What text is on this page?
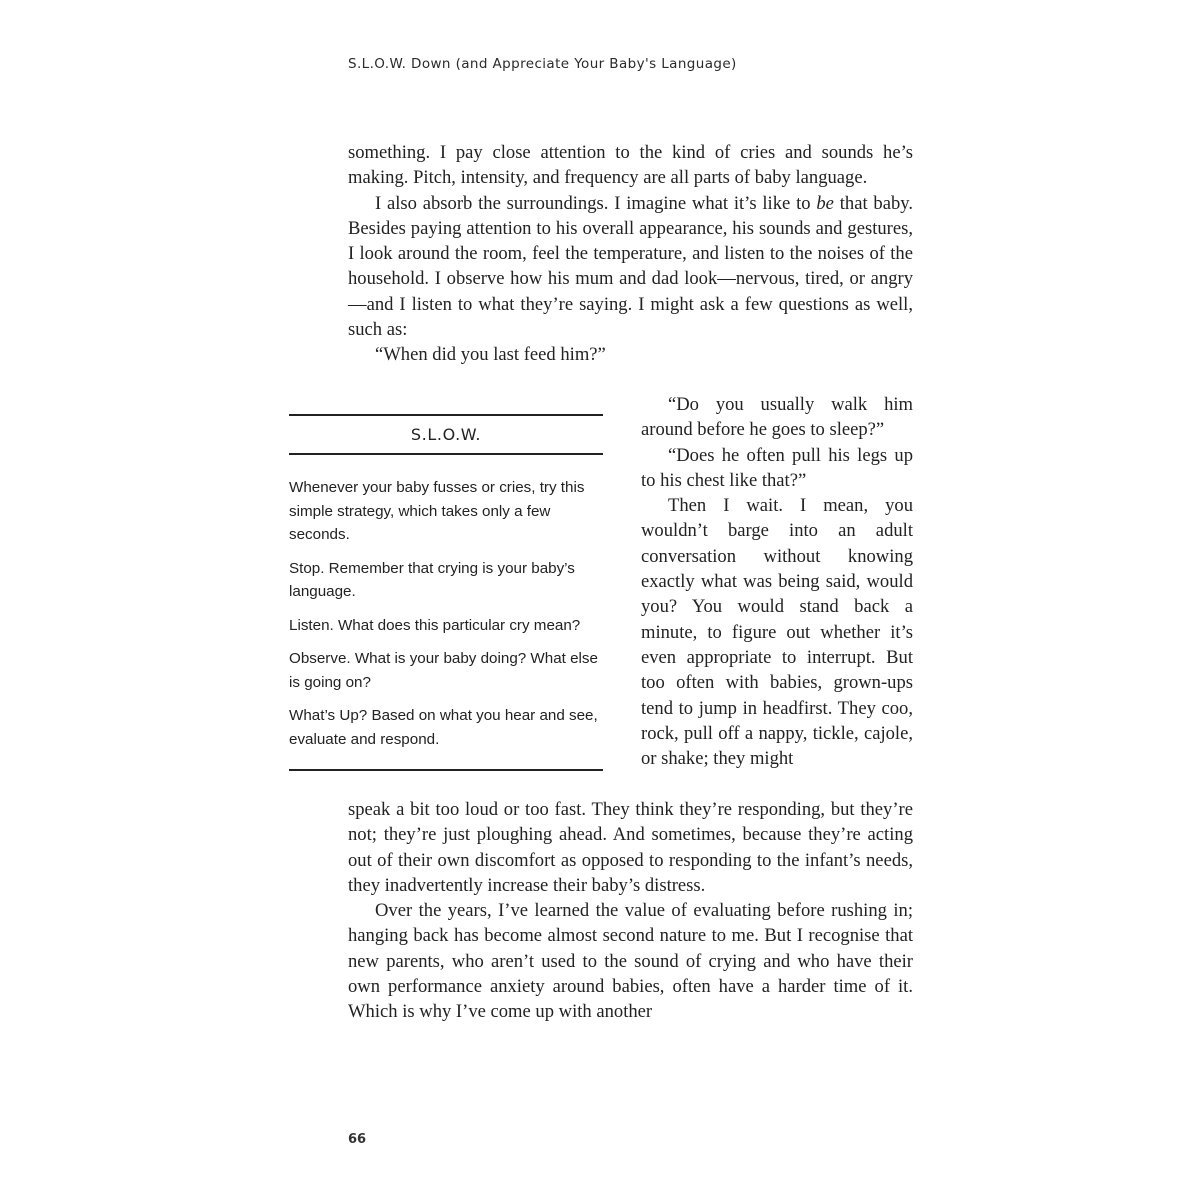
S.L.O.W. Down (and Appreciate Your Baby's Language)

something. I pay close attention to the kind of cries and sounds he’s making. Pitch, intensity, and frequency are all parts of baby language.

I also absorb the surroundings. I imagine what it’s like to be that baby. Besides paying attention to his overall appearance, his sounds and gestures, I look around the room, feel the temperature, and listen to the noises of the household. I observe how his mum and dad look—nervous, tired, or angry—and I listen to what they’re saying. I might ask a few questions as well, such as:

“When did you last feed him?”

“Do you usually walk him around before he goes to sleep?”

“Does he often pull his legs up to his chest like that?”

Then I wait. I mean, you wouldn’t barge into an adult conversation without knowing exactly what was being said, would you? You would stand back a minute, to figure out whether it’s even appropriate to interrupt. But too often with babies, grown-ups tend to jump in headfirst. They coo, rock, pull off a nappy, tickle, cajole, or shake; they might

speak a bit too loud or too fast. They think they’re responding, but they’re not; they’re just ploughing ahead. And sometimes, because they’re acting out of their own discomfort as opposed to responding to the infant’s needs, they inadvertently increase their baby’s distress.

Over the years, I’ve learned the value of evaluating before rushing in; hanging back has become almost second nature to me. But I recognise that new parents, who aren’t used to the sound of crying and who have their own performance anxiety around babies, often have a harder time of it. Which is why I’ve come up with another

S.L.O.W.

Whenever your baby fusses or cries, try this simple strategy, which takes only a few seconds.

Stop. Remember that crying is your baby’s language.

Listen. What does this particular cry mean?

Observe. What is your baby doing? What else is going on?

What’s Up? Based on what you hear and see, evaluate and respond.

66
